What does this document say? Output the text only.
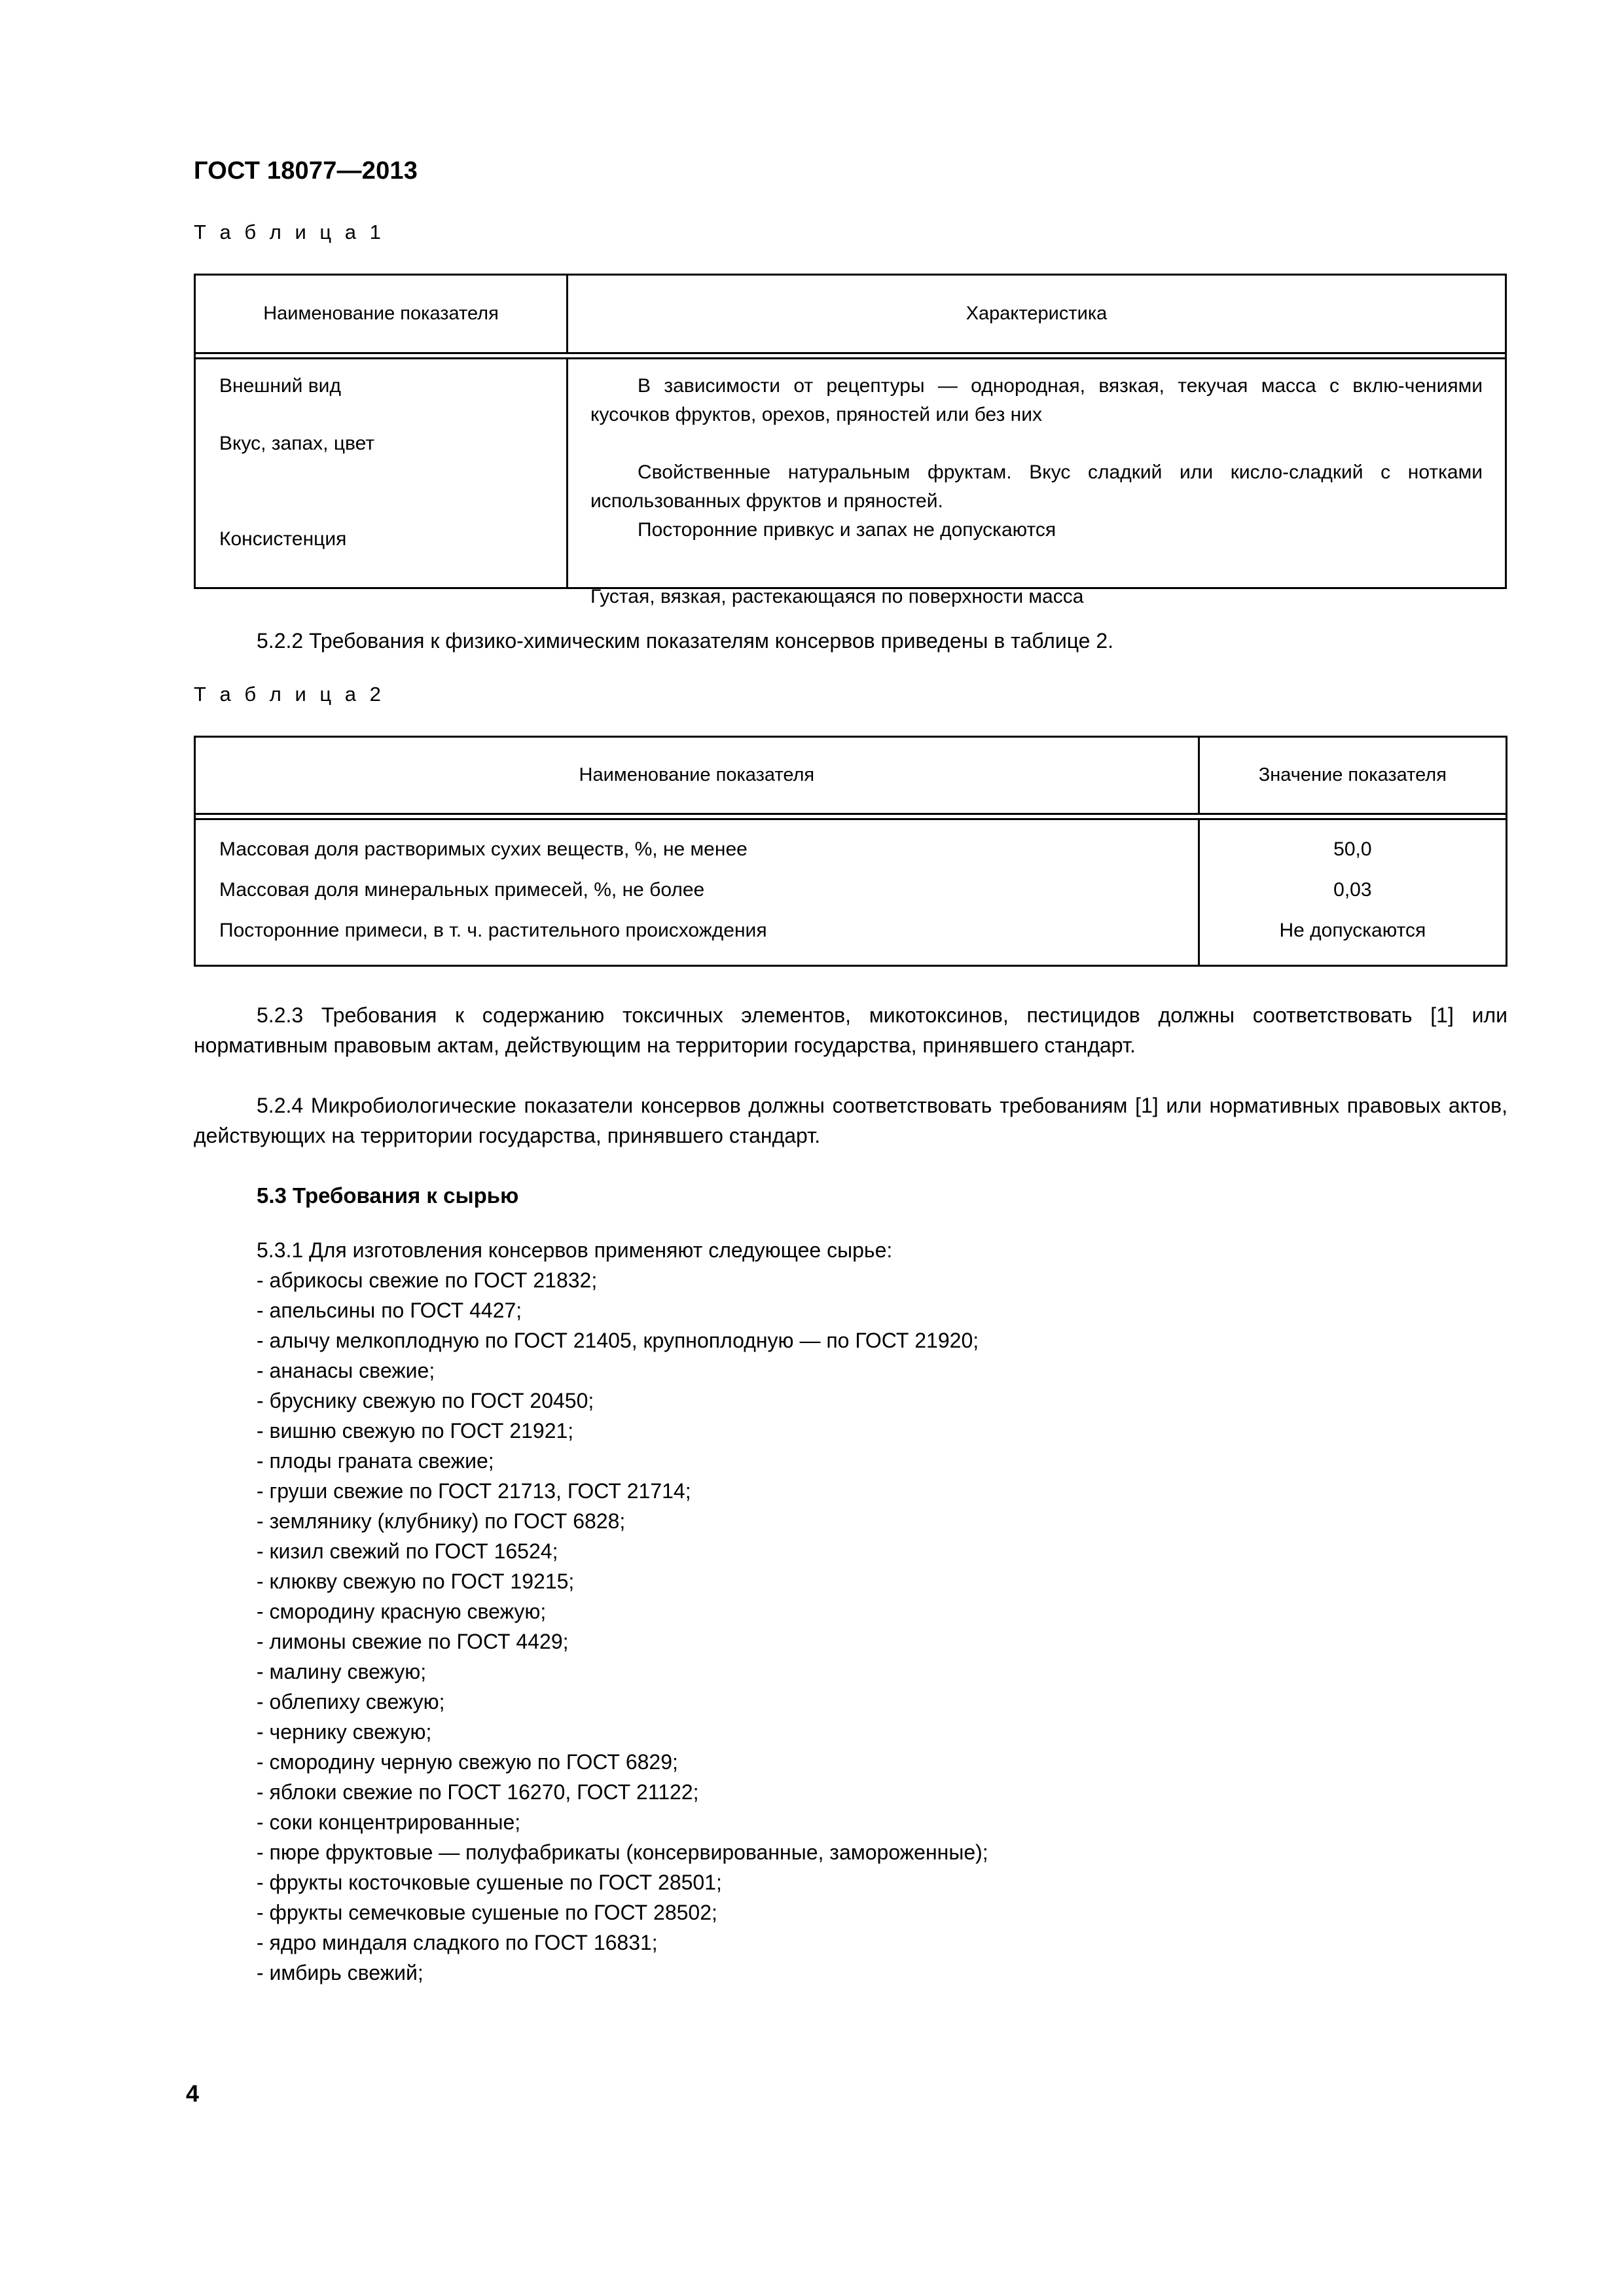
ГОСТ 18077—2013
Т а б л и ц а 1
Наименование показателя	Характеристика
Внешний вид
Вкус, запах, цвет
Консистенция
В зависимости от рецептуры — однородная, вязкая, текучая масса с вклю-чениями кусочков фруктов, орехов, пряностей или без них
Свойственные натуральным фруктам. Вкус сладкий или кисло-сладкий с нотками использованных фруктов и пряностей.
Посторонние привкус и запах не допускаются
Густая, вязкая, растекающаяся по поверхности масса
5.2.2 Требования к физико-химическим показателям консервов приведены в таблице 2.
Т а б л и ц а 2
Наименование показателя	Значение показателя
Массовая доля растворимых сухих веществ, %, не менее
Массовая доля минеральных примесей, %, не более
Посторонние примеси, в т. ч. растительного происхождения
50,0
0,03
Не допускаются
5.2.3 Требования к содержанию токсичных элементов, микотоксинов, пестицидов должны соответствовать [1] или нормативным правовым актам, действующим на территории государства, принявшего стандарт.
5.2.4 Микробиологические показатели консервов должны соответствовать требованиям [1] или нормативных правовых актов, действующих на территории государства, принявшего стандарт.
5.3 Требования к сырью
5.3.1 Для изготовления консервов применяют следующее сырье:
- абрикосы свежие по ГОСТ 21832;
- апельсины по ГОСТ 4427;
- алычу мелкоплодную по ГОСТ 21405, крупноплодную — по ГОСТ 21920;
- ананасы свежие;
- бруснику свежую по ГОСТ 20450;
- вишню свежую по ГОСТ 21921;
- плоды граната свежие;
- груши свежие по ГОСТ 21713, ГОСТ 21714;
- землянику (клубнику) по ГОСТ 6828;
- кизил свежий по ГОСТ 16524;
- клюкву свежую по ГОСТ 19215;
- смородину красную свежую;
- лимоны свежие по ГОСТ 4429;
- малину свежую;
- облепиху свежую;
- чернику свежую;
- смородину черную свежую по ГОСТ 6829;
- яблоки свежие по ГОСТ 16270, ГОСТ 21122;
- соки концентрированные;
- пюре фруктовые — полуфабрикаты (консервированные, замороженные);
- фрукты косточковые сушеные по ГОСТ 28501;
- фрукты семечковые сушеные по ГОСТ 28502;
- ядро миндаля сладкого по ГОСТ 16831;
- имбирь свежий;
4
